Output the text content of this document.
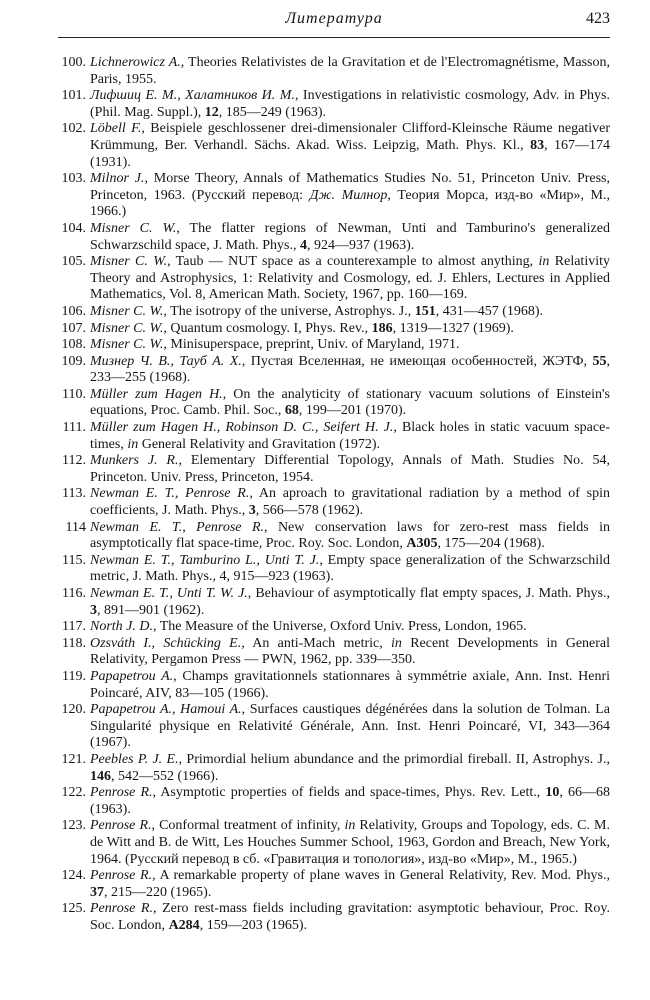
Литература	423
100. Lichnerowicz A., Theories Relativistes de la Gravitation et de l'Electromagnétisme, Masson, Paris, 1955.
101. Лифшиц Е. М., Халатников И. М., Investigations in relativistic cosmology, Adv. in Phys. (Phil. Mag. Suppl.), 12, 185—249 (1963).
102. Löbell F., Beispiele geschlossener drei-dimensionaler Clifford-Kleinsche Räume negativer Krümmung, Ber. Verhandl. Sächs. Akad. Wiss. Leipzig, Math. Phys. Kl., 83, 167—174 (1931).
103. Milnor J., Morse Theory, Annals of Mathematics Studies No. 51, Princeton Univ. Press, Princeton, 1963. (Русский перевод: Дж. Милнор, Теория Морса, изд-во «Мир», М., 1966.)
104. Misner C. W., The flatter regions of Newman, Unti and Tamburino's generalized Schwarzschild space, J. Math. Phys., 4, 924—937 (1963).
105. Misner C. W., Taub — NUT space as a counterexample to almost anything, in Relativity Theory and Astrophysics, 1: Relativity and Cosmology, ed. J. Ehlers, Lectures in Applied Mathematics, Vol. 8, American Math. Society, 1967, pp. 160—169.
106. Misner C. W., The isotropy of the universe, Astrophys. J., 151, 431—457 (1968).
107. Misner C. W., Quantum cosmology. I, Phys. Rev., 186, 1319—1327 (1969).
108. Misner C. W., Minisuperspace, preprint, Univ. of Maryland, 1971.
109. Мизнер Ч. В., Тауб А. Х., Пустая Вселенная, не имеющая особенностей, ЖЭТФ, 55, 233—255 (1968).
110. Müller zum Hagen H., On the analyticity of stationary vacuum solutions of Einstein's equations, Proc. Camb. Phil. Soc., 68, 199—201 (1970).
111. Müller zum Hagen H., Robinson D. C., Seifert H. J., Black holes in static vacuum space-times, in General Relativity and Gravitation (1972).
112. Munkers J. R., Elementary Differential Topology, Annals of Math. Studies No. 54, Princeton. Univ. Press, Princeton, 1954.
113. Newman E. T., Penrose R., An aproach to gravitational radiation by a method of spin coefficients, J. Math. Phys., 3, 566—578 (1962).
114 Newman E. T., Penrose R., New conservation laws for zero-rest mass fields in asymptotically flat space-time, Proc. Roy. Soc. London, A305, 175—204 (1968).
115. Newman E. T., Tamburino L., Unti T. J., Empty space generalization of the Schwarzschild metric, J. Math. Phys., 4, 915—923 (1963).
116. Newman E. T., Unti T. W. J., Behaviour of asymptotically flat empty spaces, J. Math. Phys., 3, 891—901 (1962).
117. North J. D., The Measure of the Universe, Oxford Univ. Press, London, 1965.
118. Ozsváth I., Schücking E., An anti-Mach metric, in Recent Developments in General Relativity, Pergamon Press — PWN, 1962, pp. 339—350.
119. Papapetrou A., Champs gravitationnels stationnares à symmétrie axiale, Ann. Inst. Henri Poincaré, AIV, 83—105 (1966).
120. Papapetrou A., Hamoui A., Surfaces caustiques dégénérées dans la solution de Tolman. La Singularité physique en Relativité Générale, Ann. Inst. Henri Poincaré, VI, 343—364 (1967).
121. Peebles P. J. E., Primordial helium abundance and the primordial fireball. II, Astrophys. J., 146, 542—552 (1966).
122. Penrose R., Asymptotic properties of fields and space-times, Phys. Rev. Lett., 10, 66—68 (1963).
123. Penrose R., Conformal treatment of infinity, in Relativity, Groups and Topology, eds. C. M. de Witt and B. de Witt, Les Houches Summer School, 1963, Gordon and Breach, New York, 1964. (Русский перевод в сб. «Гравитация и топология», изд-во «Мир», М., 1965.)
124. Penrose R., A remarkable property of plane waves in General Relativity, Rev. Mod. Phys., 37, 215—220 (1965).
125. Penrose R., Zero rest-mass fields including gravitation: asymptotic behaviour, Proc. Roy. Soc. London, A284, 159—203 (1965).
